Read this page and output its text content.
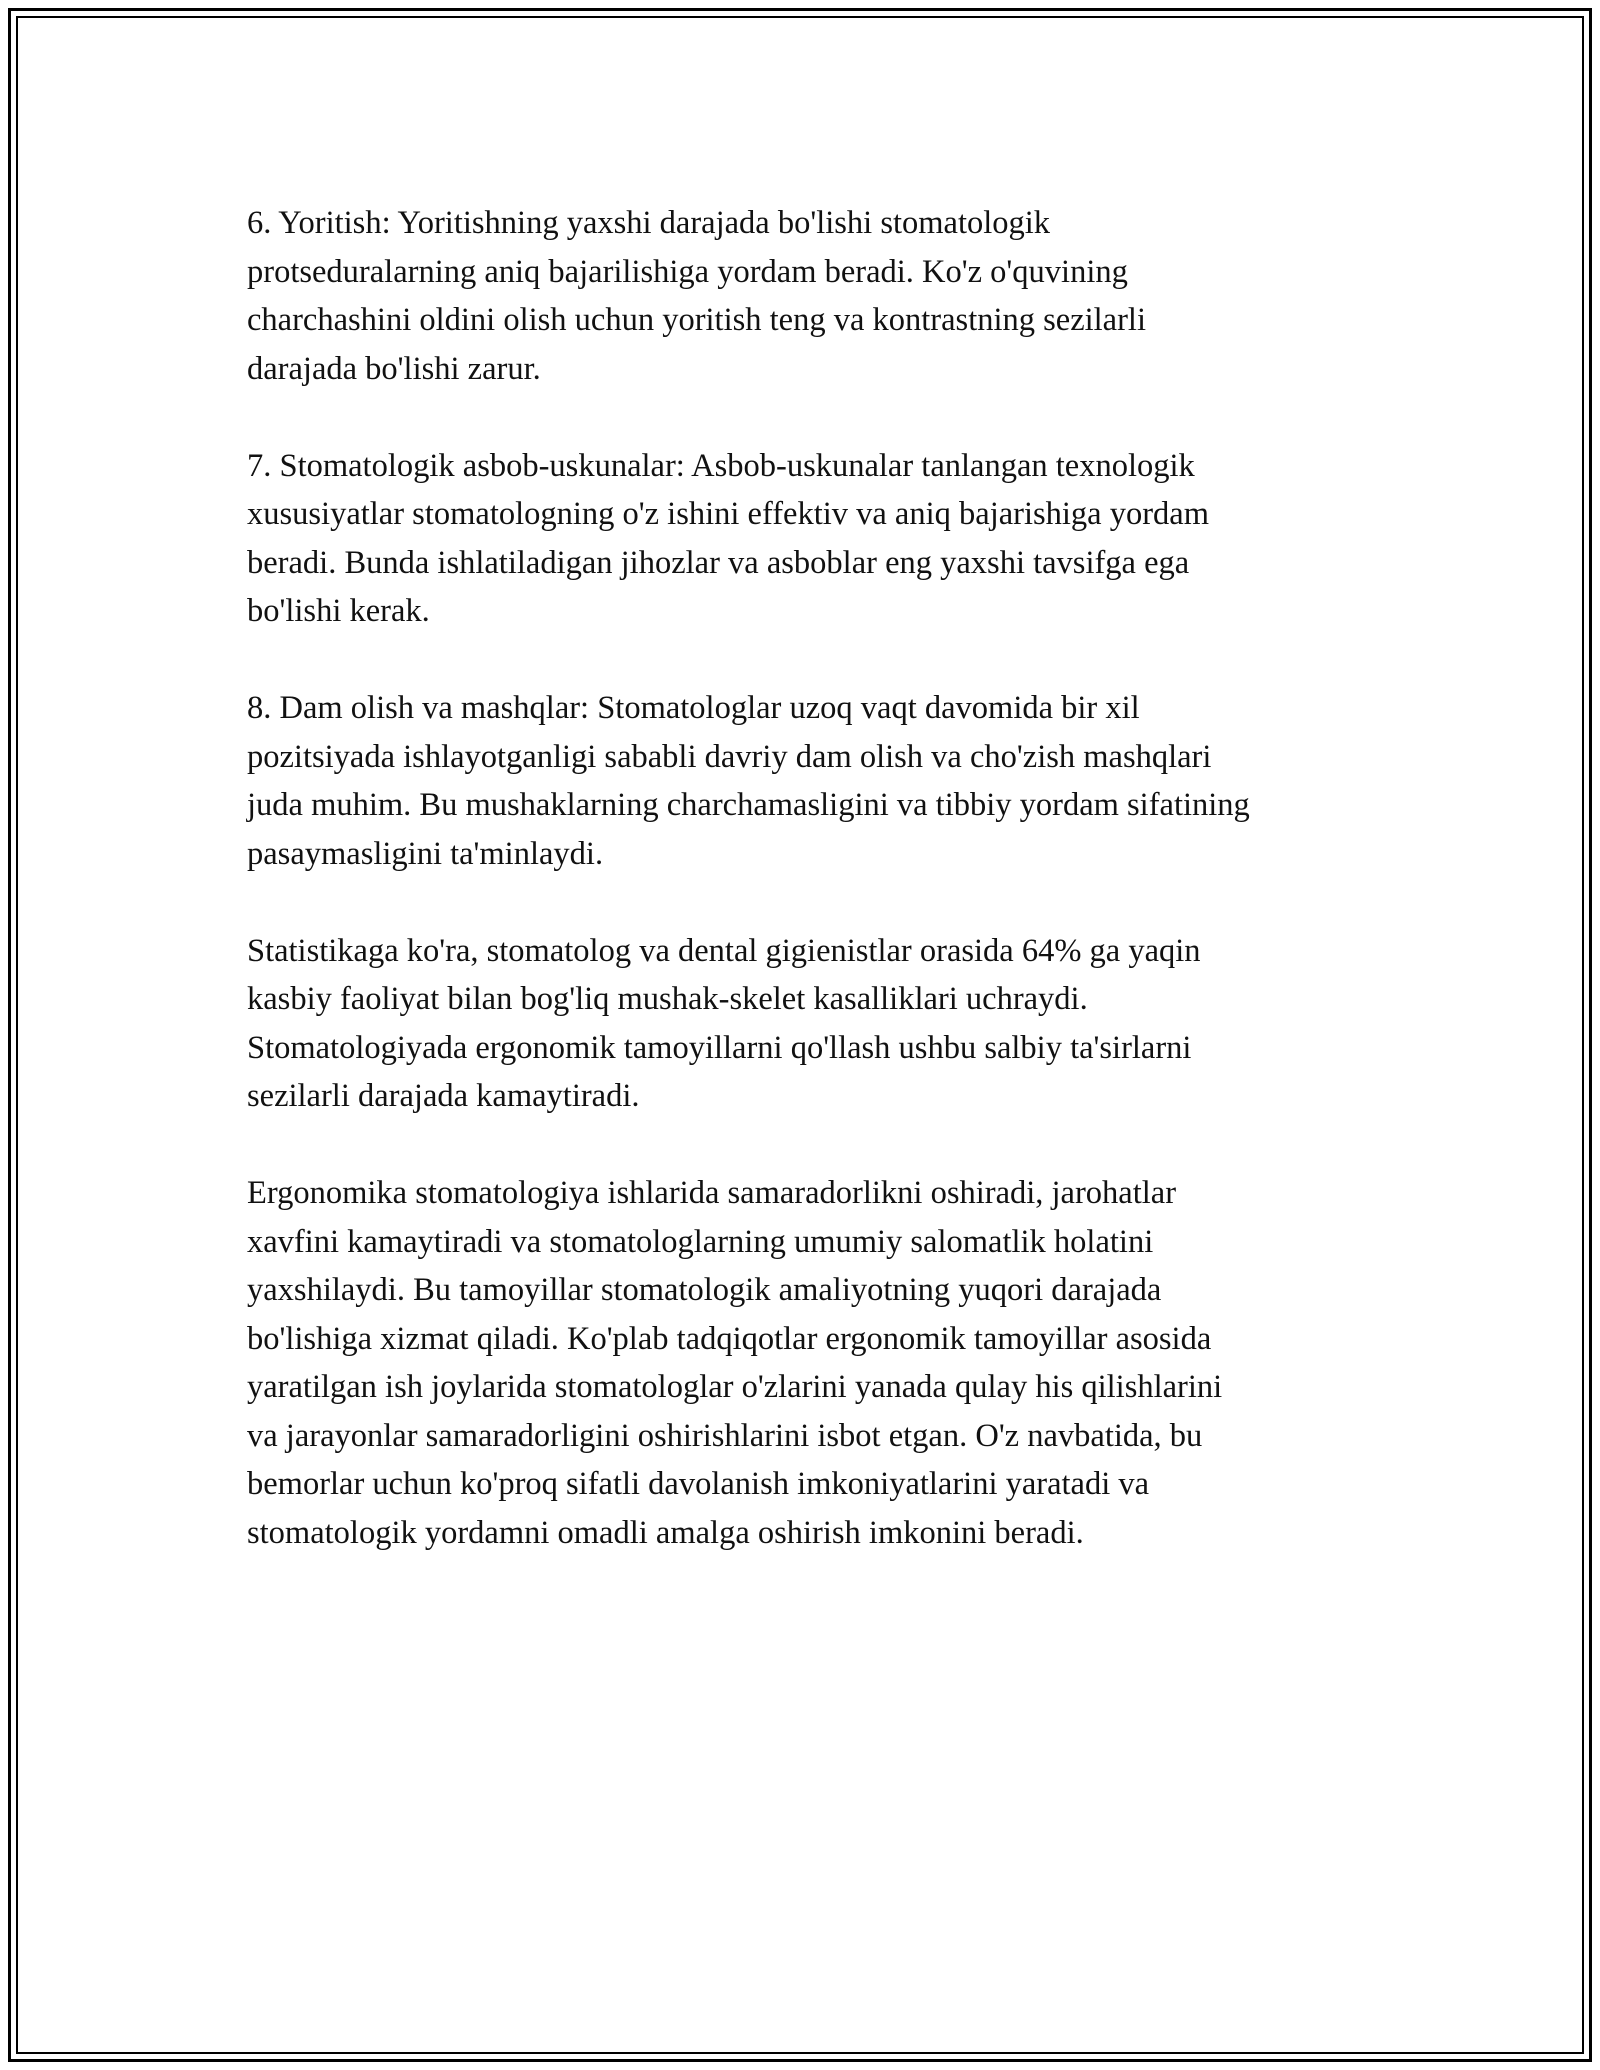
6. Yoritish: Yoritishning yaxshi darajada bo'lishi stomatologik
protseduralarning aniq bajarilishiga yordam beradi. Ko'z o'quvining
charchashini oldini olish uchun yoritish teng va kontrastning sezilarli
darajada bo'lishi zarur.

7. Stomatologik asbob-uskunalar: Asbob-uskunalar tanlangan texnologik
xususiyatlar stomatologning o'z ishini effektiv va aniq bajarishiga yordam
beradi. Bunda ishlatiladigan jihozlar va asboblar eng yaxshi tavsifga ega
bo'lishi kerak.

8. Dam olish va mashqlar: Stomatologlar uzoq vaqt davomida bir xil
pozitsiyada ishlayotganligi sababli davriy dam olish va cho'zish mashqlari
juda muhim. Bu mushaklarning charchamasligini va tibbiy yordam sifatining
pasaymasligini ta'minlaydi.

Statistikaga ko'ra, stomatolog va dental gigienistlar orasida 64% ga yaqin
kasbiy faoliyat bilan bog'liq mushak-skelet kasalliklari uchraydi.
Stomatologiyada ergonomik tamoyillarni qo'llash ushbu salbiy ta'sirlarni
sezilarli darajada kamaytiradi.

Ergonomika stomatologiya ishlarida samaradorlikni oshiradi, jarohatlar
xavfini kamaytiradi va stomatologlarning umumiy salomatlik holatini
yaxshilaydi. Bu tamoyillar stomatologik amaliyotning yuqori darajada
bo'lishiga xizmat qiladi. Ko'plab tadqiqotlar ergonomik tamoyillar asosida
yaratilgan ish joylarida stomatologlar o'zlarini yanada qulay his qilishlarini
va jarayonlar samaradorligini oshirishlarini isbot etgan. O'z navbatida, bu
bemorlar uchun ko'proq sifatli davolanish imkoniyatlarini yaratadi va
stomatologik yordamni omadli amalga oshirish imkonini beradi.
